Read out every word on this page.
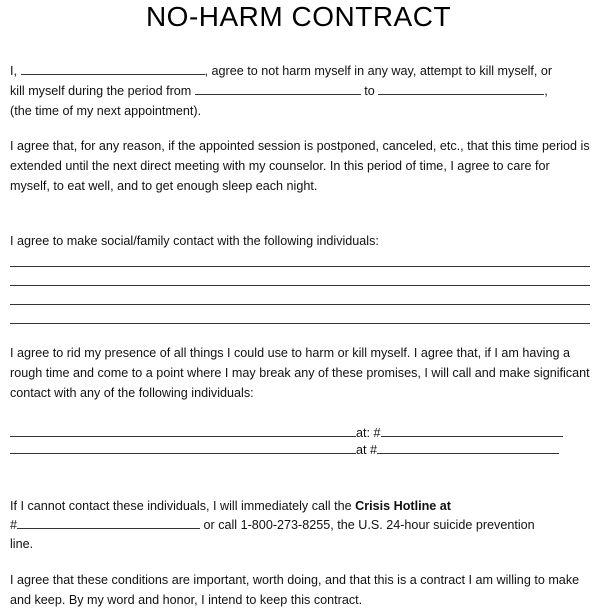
NO-HARM CONTRACT
I,	, agree to not harm myself in any way, attempt to kill myself, or
kill myself during the period from	to	,
(the time of my next appointment).

I agree that, for any reason, if the appointed session is postponed, canceled, etc., that this time period is extended until the next direct meeting with my counselor. In this period of time, I agree to care for myself, to eat well, and to get enough sleep each night.

I agree to make social/family contact with the following individuals:

I agree to rid my presence of all things I could use to harm or kill myself. I agree that, if I am having a rough time and come to a point where I may break any of these promises, I will call and make significant contact with any of the following individuals:

at: #
at #
If I cannot contact these individuals, I will immediately call the Crisis Hotline at
#	or call 1-800-273-8255, the U.S. 24-hour suicide prevention
line.

I agree that these conditions are important, worth doing, and that this is a contract I am willing to make and keep. By my word and honor, I intend to keep this contract.
